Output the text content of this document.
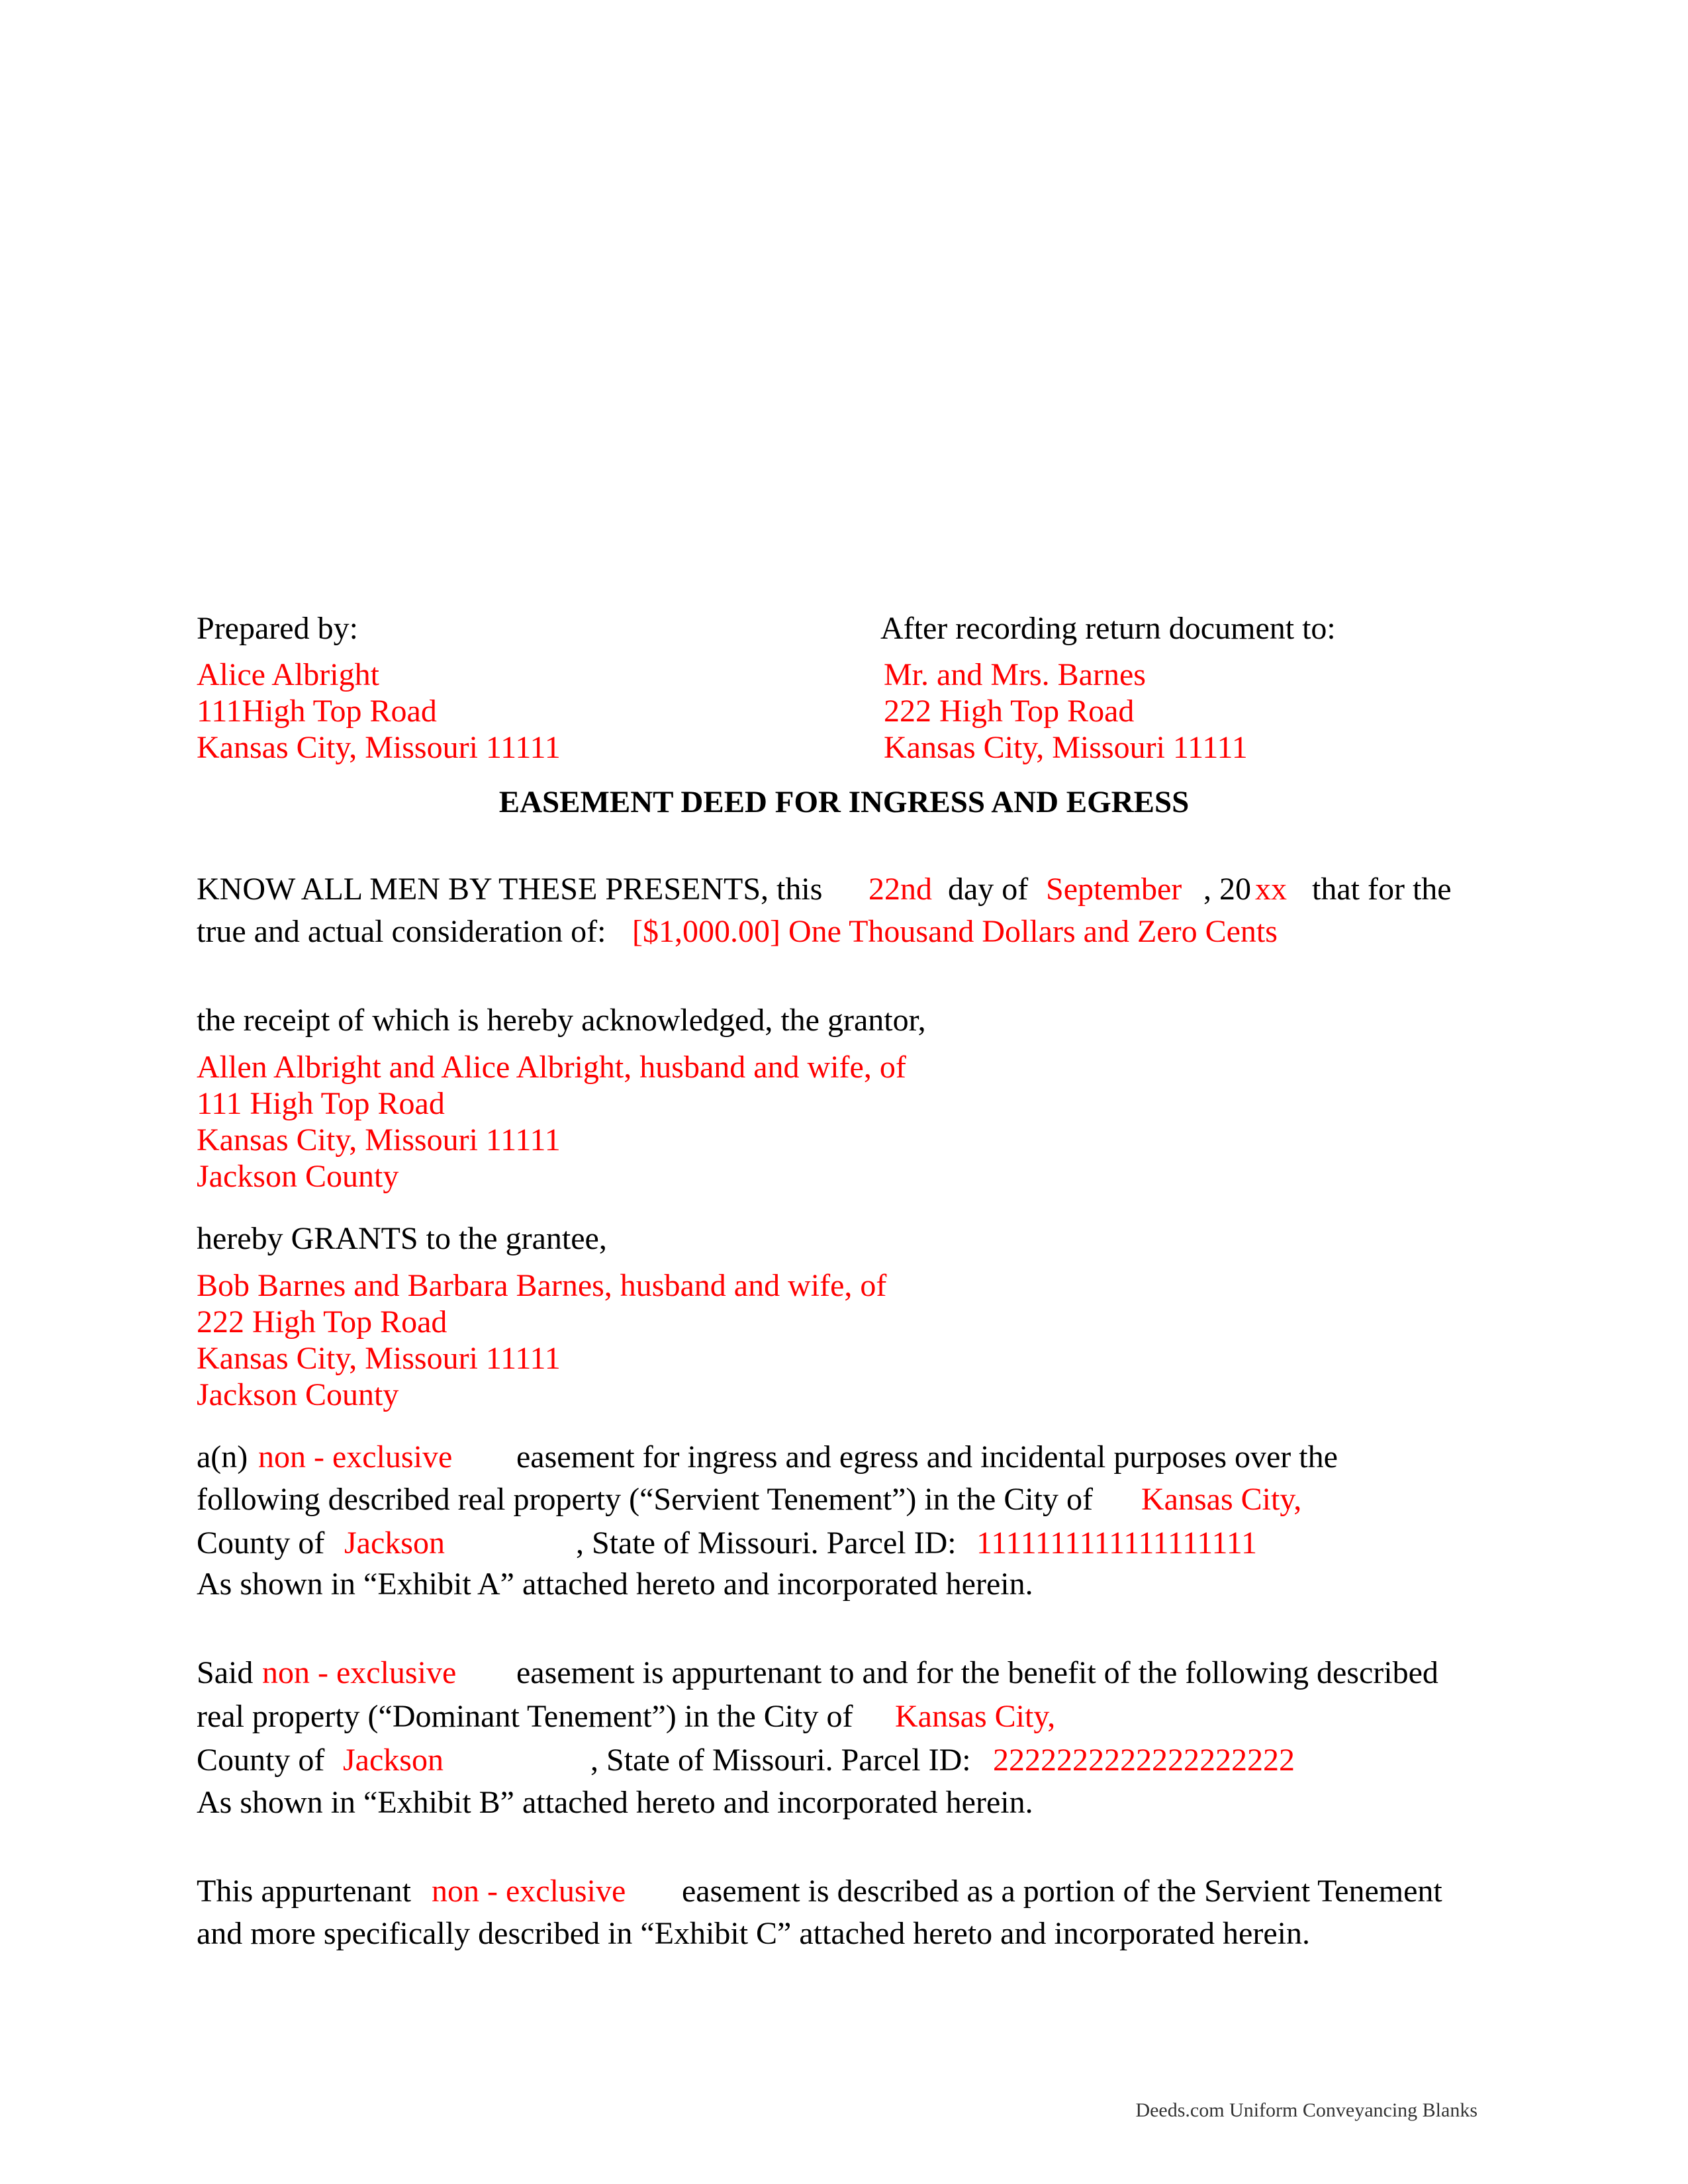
Prepared by:
Alice Albright
111High Top Road
Kansas City, Missouri 11111
After recording return document to:
Mr. and Mrs. Barnes
222 High Top Road
Kansas City, Missouri 11111
EASEMENT DEED FOR INGRESS AND EGRESS
KNOW ALL MEN BY THESE PRESENTS, this 22nd day of September , 20 xx that for the
true and actual consideration of: [$1,000.00] One Thousand Dollars and Zero Cents
the receipt of which is hereby acknowledged, the grantor,
Allen Albright and Alice Albright, husband and wife, of
111 High Top Road
Kansas City, Missouri 11111
Jackson County
hereby GRANTS to the grantee,
Bob Barnes and Barbara Barnes, husband and wife, of
222 High Top Road
Kansas City, Missouri 11111
Jackson County
a(n) non - exclusive easement for ingress and egress and incidental purposes over the
following described real property (“Servient Tenement”) in the City of Kansas City,
County of Jackson	, State of Missouri. Parcel ID: 1111111111111111111
As shown in “Exhibit A” attached hereto and incorporated herein.
Said non - exclusive easement is appurtenant to and for the benefit of the following described
real property (“Dominant Tenement”) in the City of Kansas City,
County of Jackson	, State of Missouri. Parcel ID: 2222222222222222222
As shown in “Exhibit B” attached hereto and incorporated herein.
This appurtenant non - exclusive easement is described as a portion of the Servient Tenement
and more specifically described in “Exhibit C” attached hereto and incorporated herein.
Deeds.com Uniform Conveyancing Blanks
